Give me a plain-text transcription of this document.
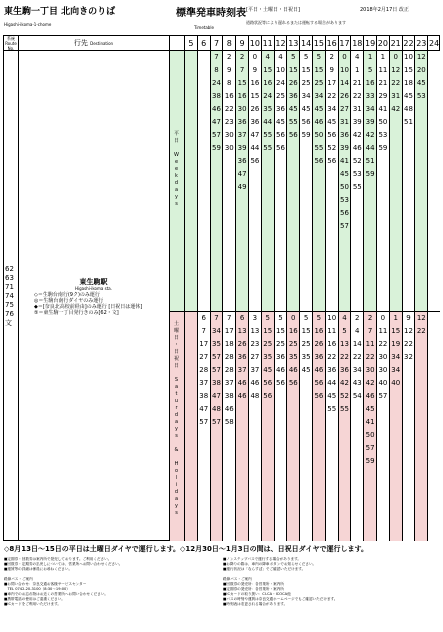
東生駒一丁目 北向きのりば
Higashi-ikoma-1-chome
標準発車時刻表
Timetable
[平日・土曜日・日祝日]	2018年2月17日 改正
道路状況等により遅れるまたは運転する場合があります
系統 Route No.
行先 Destination	5 6 7 8 9 10 11 12 13 14 15 16 17 18 19 20 21 22 23 24
62
63
71
74
75
76
文
東生駒駅
Higashi-ikoma sta.
◇＝生駒台南行(9ク)のみ運行
◎＝生駒台南行ダイヤのみ運行
◆＝[奈良北高校前経由]のみ運行 [日祝日は運休]
⑤＝東生駒一丁目発行きのみ[62・文]
6
7
17
27
28
37
38
47
57
7
8
24
38
46
47
57
59
7
34
35
57
57
38
47
48
57
2
9
8
16
22
23
30
30
7
17
18
28
28
37
38
46
58
2
7
15
16
30
36
37
39
36
47
49
6
13
26
36
37
46
46
0
9
16
15
26
36
47
44
56
3
13
23
27
37
46
48
4
15
16
24
35
44
55
55
5
15
25
35
45
56
56
4
10
24
25
36
45
56
56
5
15
25
36
46
56
5
15
26
36
45
55
56
0
16
25
35
46
56
5
15
25
34
45
56
59
5
15
25
35
45
5
15
25
34
45
46
50
55
56
5
16
26
36
46
56
56
2
9
17
22
34
45
56
52
56
10
11
16
22
36
44
45
55
0
10
14
26
27
31
36
39
41
45
50
53
56
57
4
5
13
22
36
42
52
55
4
1
21
22
31
39
42
46
52
53
55
2
4
14
22
34
43
54
1
5
16
33
34
39
42
44
51
59
2
7
11
22
30
42
46
45
41
50
57
59
1
11
21
29
41
50
53
59
0
11
22
30
30
40
57
0
12
22
31
42
1
15
19
34
34
40
10
15
18
45
48
51
9
12
22
32
12
20
45
53
12
22
平
日

W
e
e
k
d
a
y
s
土
曜
日
・
日
祝
日

S
a
t
u
r
d
a
y
s

&

H
o
l
i
d
a
y
s
◇8月13日～15日の平日は土曜日ダイヤで運行します。◇12月30日～1月3日の間は、日祝日ダイヤで運行します。
■定期券・回数券は案内所で発売しております。ご利用ください。
■回数券・定期券の払戻しについては、営業所へお問い合わせください。
■運賃等の詳細は係員にお尋ねください。

路線バス・ご案内
■お問い合わせ：奈良交通お客様サービスセンター
　TEL 0742-20-3100（8:30～19:00）
■車内でのお忘れ物はお近くの営業所へお問い合わせください。
■携帯電話の使用はご遠慮ください。
■ICカードをご利用いただけます。
■ノンステップバスで運行する場合があります。
■お降りの際は、車内の降車ボタンでお知らせください。
■運行状況は「ならすぽ」でご確認いただけます。

路線バス・ご案内
■回数券の発売所：各営業所・案内所
■定期券の発売所：各営業所・案内所
■ICカードの取り扱い：CI-CA・ICOCA他
■バスの時刻や運賃は奈良交通ホームページでもご確認いただけます。
■時刻表は変更される場合があります。
